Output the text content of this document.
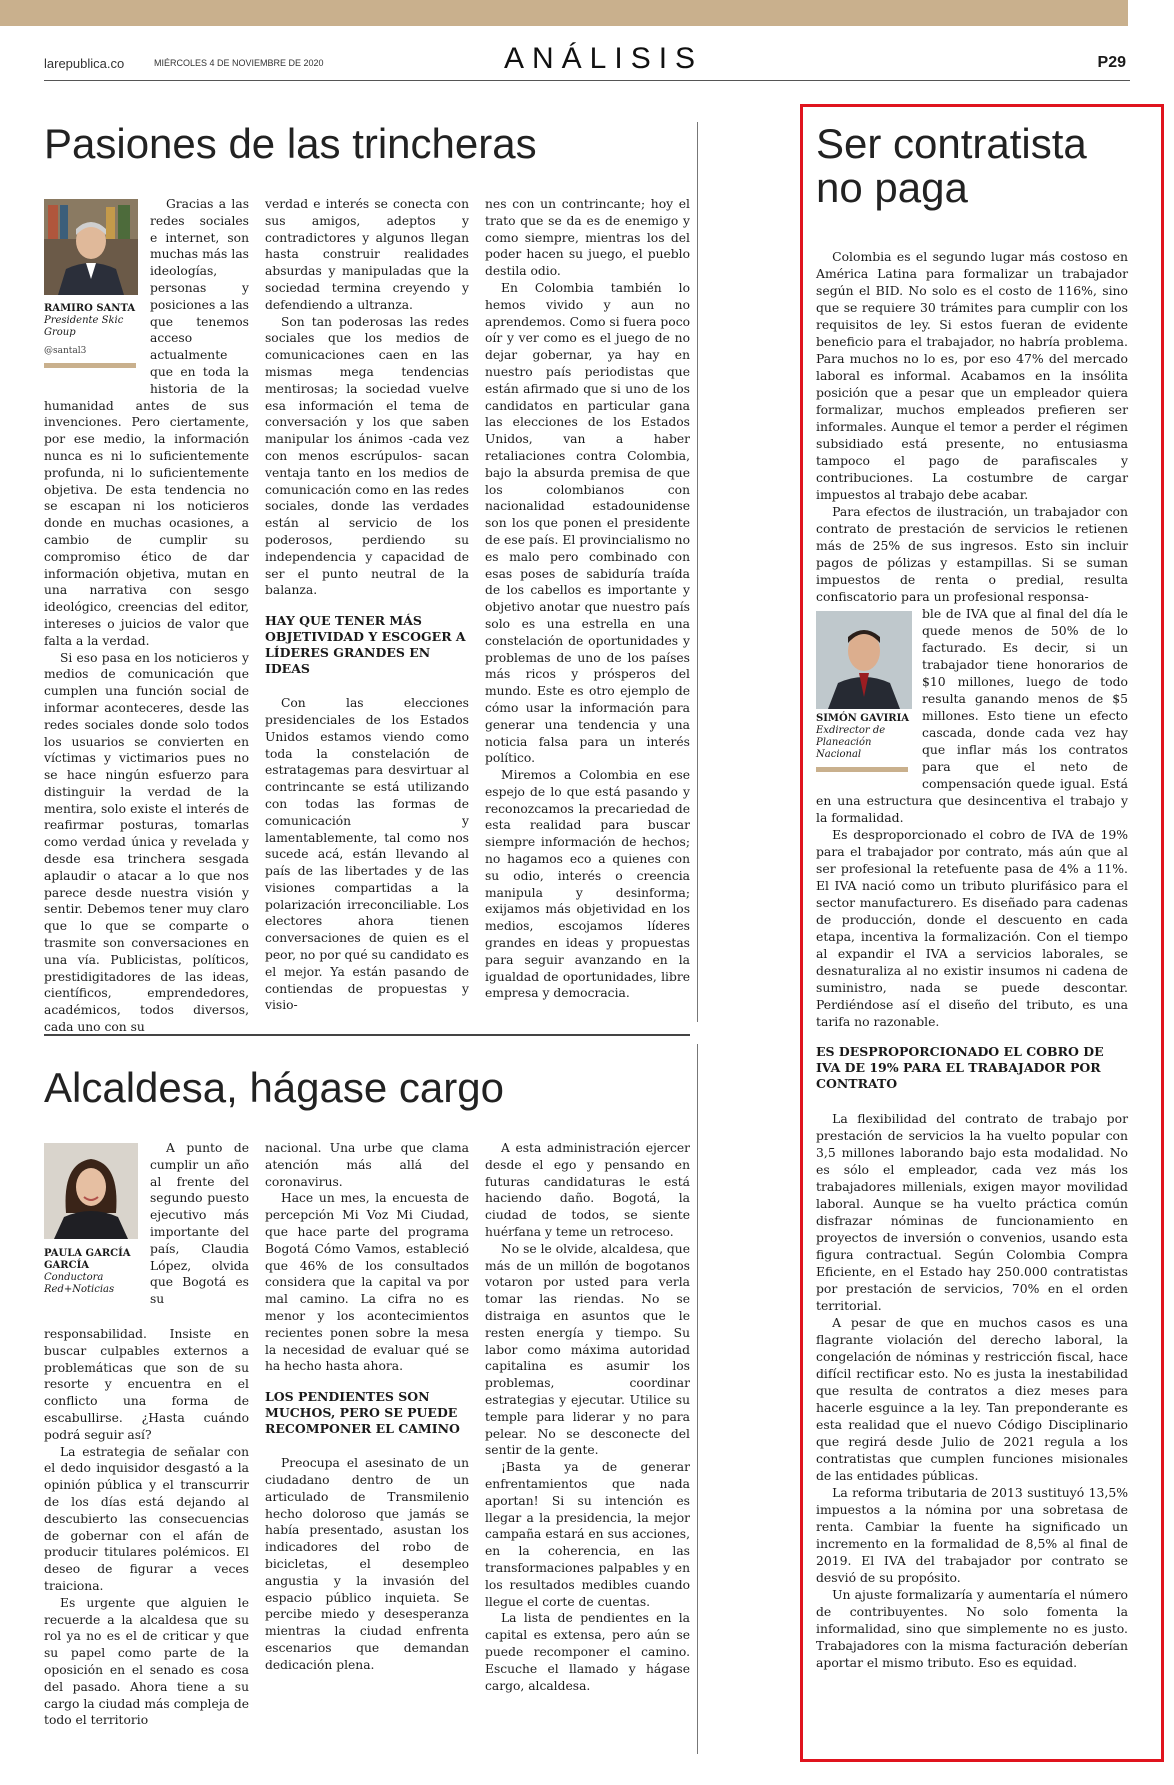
larepublica.co	MIÉRCOLES 4 DE NOVIEMBRE DE 2020	ANÁLISIS	P29
Pasiones de las trincheras
RAMIRO SANTA
Presidente Skic Group
@santal3

Gracias a las redes sociales e internet, son muchas más las ideologías, personas y posiciones a las que tenemos acceso actualmente que en toda la historia de la humanidad antes de sus invenciones. Pero ciertamente, por ese medio, la información nunca es ni lo suficientemente profunda, ni lo suficientemente objetiva. De esta tendencia no se escapan ni los noticieros donde en muchas ocasiones, a cambio de cumplir su compromiso ético de dar información objetiva, mutan en una narrativa con sesgo ideológico, creencias del editor, intereses o juicios de valor que falta a la verdad.

Si eso pasa en los noticieros y medios de comunicación que cumplen una función social de informar aconteceres, desde las redes sociales donde solo todos los usuarios se convierten en víctimas y victimarios pues no se hace ningún esfuerzo para distinguir la verdad de la mentira, solo existe el interés de reafirmar posturas, tomarlas como verdad única y revelada y desde esa trinchera sesgada aplaudir o atacar a lo que nos parece desde nuestra visión y sentir. Debemos tener muy claro que lo que se comparte o trasmite son conversaciones en una vía. Publicistas, políticos, prestidigitadores de las ideas, científicos, emprendedores, académicos, todos diversos, cada uno con su

verdad e interés se conecta con sus amigos, adeptos y contradictores y algunos llegan hasta construir realidades absurdas y manipuladas que la sociedad termina creyendo y defendiendo a ultranza.

Son tan poderosas las redes sociales que los medios de comunicaciones caen en las mismas mega tendencias mentirosas; la sociedad vuelve esa información el tema de conversación y los que saben manipular los ánimos -cada vez con menos escrúpulos- sacan ventaja tanto en los medios de comunicación como en las redes sociales, donde las verdades están al servicio de los poderosos, perdiendo su independencia y capacidad de ser el punto neutral de la balanza.

HAY QUE TENER MÁS OBJETIVIDAD Y ESCOGER A LÍDERES GRANDES EN IDEAS

Con las elecciones presidenciales de los Estados Unidos estamos viendo como toda la constelación de estratagemas para desvirtuar al contrincante se está utilizando con todas las formas de comunicación y lamentablemente, tal como nos sucede acá, están llevando al país de las libertades y de las visiones compartidas a la polarización irreconciliable. Los electores ahora tienen conversaciones de quien es el peor, no por qué su candidato es el mejor. Ya están pasando de contiendas de propuestas y visio-

nes con un contrincante; hoy el trato que se da es de enemigo y como siempre, mientras los del poder hacen su juego, el pueblo destila odio.

En Colombia también lo hemos vivido y aun no aprendemos. Como si fuera poco oír y ver como es el juego de no dejar gobernar, ya hay en nuestro país periodistas que están afirmado que si uno de los candidatos en particular gana las elecciones de los Estados Unidos, van a haber retaliaciones contra Colombia, bajo la absurda premisa de que los colombianos con nacionalidad estadounidense son los que ponen el presidente de ese país. El provincialismo no es malo pero combinado con esas poses de sabiduría traída de los cabellos es importante y objetivo anotar que nuestro país solo es una estrella en una constelación de oportunidades y problemas de uno de los países más ricos y prósperos del mundo. Este es otro ejemplo de cómo usar la información para generar una tendencia y una noticia falsa para un interés político.

Miremos a Colombia en ese espejo de lo que está pasando y reconozcamos la precariedad de esta realidad para buscar siempre información de hechos; no hagamos eco a quienes con su odio, interés o creencia manipula y desinforma; exijamos más objetividad en los medios, escojamos líderes grandes en ideas y propuestas para seguir avanzando en la igualdad de oportunidades, libre empresa y democracia.

Alcaldesa, hágase cargo
PAULA GARCÍA GARCÍA
Conductora Red+Noticias

A punto de cumplir un año al frente del segundo puesto ejecutivo más importante del país, Claudia López, olvida que Bogotá es su responsabilidad. Insiste en buscar culpables externos a problemáticas que son de su resorte y encuentra en el conflicto una forma de escabullirse. ¿Hasta cuándo podrá seguir así?

La estrategia de señalar con el dedo inquisidor desgastó a la opinión pública y el transcurrir de los días está dejando al descubierto las consecuencias de gobernar con el afán de producir titulares polémicos. El deseo de figurar a veces traiciona.

Es urgente que alguien le recuerde a la alcaldesa que su rol ya no es el de criticar y que su papel como parte de la oposición en el senado es cosa del pasado. Ahora tiene a su cargo la ciudad más compleja de todo el territorio

nacional. Una urbe que clama atención más allá del coronavirus.

Hace un mes, la encuesta de percepción Mi Voz Mi Ciudad, que hace parte del programa Bogotá Cómo Vamos, estableció que 46% de los consultados considera que la capital va por mal camino. La cifra no es menor y los acontecimientos recientes ponen sobre la mesa la necesidad de evaluar qué se ha hecho hasta ahora.

LOS PENDIENTES SON MUCHOS, PERO SE PUEDE RECOMPONER EL CAMINO

Preocupa el asesinato de un ciudadano dentro de un articulado de Transmilenio hecho doloroso que jamás se había presentado, asustan los indicadores del robo de bicicletas, el desempleo angustia y la invasión del espacio público inquieta. Se percibe miedo y desesperanza mientras la ciudad enfrenta escenarios que demandan dedicación plena.

A esta administración ejercer desde el ego y pensando en futuras candidaturas le está haciendo daño. Bogotá, la ciudad de todos, se siente huérfana y teme un retroceso.

No se le olvide, alcaldesa, que más de un millón de bogotanos votaron por usted para verla tomar las riendas. No se distraiga en asuntos que le resten energía y tiempo. Su labor como máxima autoridad capitalina es asumir los problemas, coordinar estrategias y ejecutar. Utilice su temple para liderar y no para pelear. No se desconecte del sentir de la gente.

¡Basta ya de generar enfrentamientos que nada aportan! Si su intención es llegar a la presidencia, la mejor campaña estará en sus acciones, en la coherencia, en las transformaciones palpables y en los resultados medibles cuando llegue el corte de cuentas.

La lista de pendientes en la capital es extensa, pero aún se puede recomponer el camino. Escuche el llamado y hágase cargo, alcaldesa.

Ser contratista no paga

Colombia es el segundo lugar más costoso en América Latina para formalizar un trabajador según el BID. No solo es el costo de 116%, sino que se requiere 30 trámites para cumplir con los requisitos de ley. Si estos fueran de evidente beneficio para el trabajador, no habría problema. Para muchos no lo es, por eso 47% del mercado laboral es informal. Acabamos en la insólita posición que a pesar que un empleador quiera formalizar, muchos empleados prefieren ser informales. Aunque el temor a perder el régimen subsidiado está presente, no entusiasma tampoco el pago de parafiscales y contribuciones. La costumbre de cargar impuestos al trabajo debe acabar.

Para efectos de ilustración, un trabajador con contrato de prestación de servicios le retienen más de 25% de sus ingresos. Esto sin incluir pagos de pólizas y estampillas. Si se suman impuestos de renta o predial, resulta confiscatorio para un profesional responsa-

SIMÓN GAVIRIA
Exdirector de Planeación Nacional

ble de IVA que al final del día le quede menos de 50% de lo facturado. Es decir, si un trabajador tiene honorarios de $10 millones, luego de todo resulta ganando menos de $5 millones. Esto tiene un efecto cascada, donde cada vez hay que inflar más los contratos para que el neto de compensación quede igual. Está en una estructura que desincentiva el trabajo y la formalidad.

Es desproporcionado el cobro de IVA de 19% para el trabajador por contrato, más aún que al ser profesional la retefuente pasa de 4% a 11%. El IVA nació como un tributo plurifásico para el sector manufacturero. Es diseñado para cadenas de producción, donde el descuento en cada etapa, incentiva la formalización. Con el tiempo al expandir el IVA a servicios laborales, se desnaturaliza al no existir insumos ni cadena de suministro, nada se puede descontar. Perdiéndose así el diseño del tributo, es una tarifa no razonable.

ES DESPROPORCIONADO EL COBRO DE IVA DE 19% PARA EL TRABAJADOR POR CONTRATO

La flexibilidad del contrato de trabajo por prestación de servicios la ha vuelto popular con 3,5 millones laborando bajo esta modalidad. No es sólo el empleador, cada vez más los trabajadores millenials, exigen mayor movilidad laboral. Aunque se ha vuelto práctica común disfrazar nóminas de funcionamiento en proyectos de inversión o convenios, usando esta figura contractual. Según Colombia Compra Eficiente, en el Estado hay 250.000 contratistas por prestación de servicios, 70% en el orden territorial.

A pesar de que en muchos casos es una flagrante violación del derecho laboral, la congelación de nóminas y restricción fiscal, hace difícil rectificar esto. No es justa la inestabilidad que resulta de contratos a diez meses para hacerle esguince a la ley. Tan preponderante es esta realidad que el nuevo Código Disciplinario que regirá desde Julio de 2021 regula a los contratistas que cumplen funciones misionales de las entidades públicas.

La reforma tributaria de 2013 sustituyó 13,5% impuestos a la nómina por una sobretasa de renta. Cambiar la fuente ha significado un incremento en la formalidad de 8,5% al final de 2019. El IVA del trabajador por contrato se desvió de su propósito.

Un ajuste formalizaría y aumentaría el número de contribuyentes. No solo fomenta la informalidad, sino que simplemente no es justo. Trabajadores con la misma facturación deberían aportar el mismo tributo. Eso es equidad.
